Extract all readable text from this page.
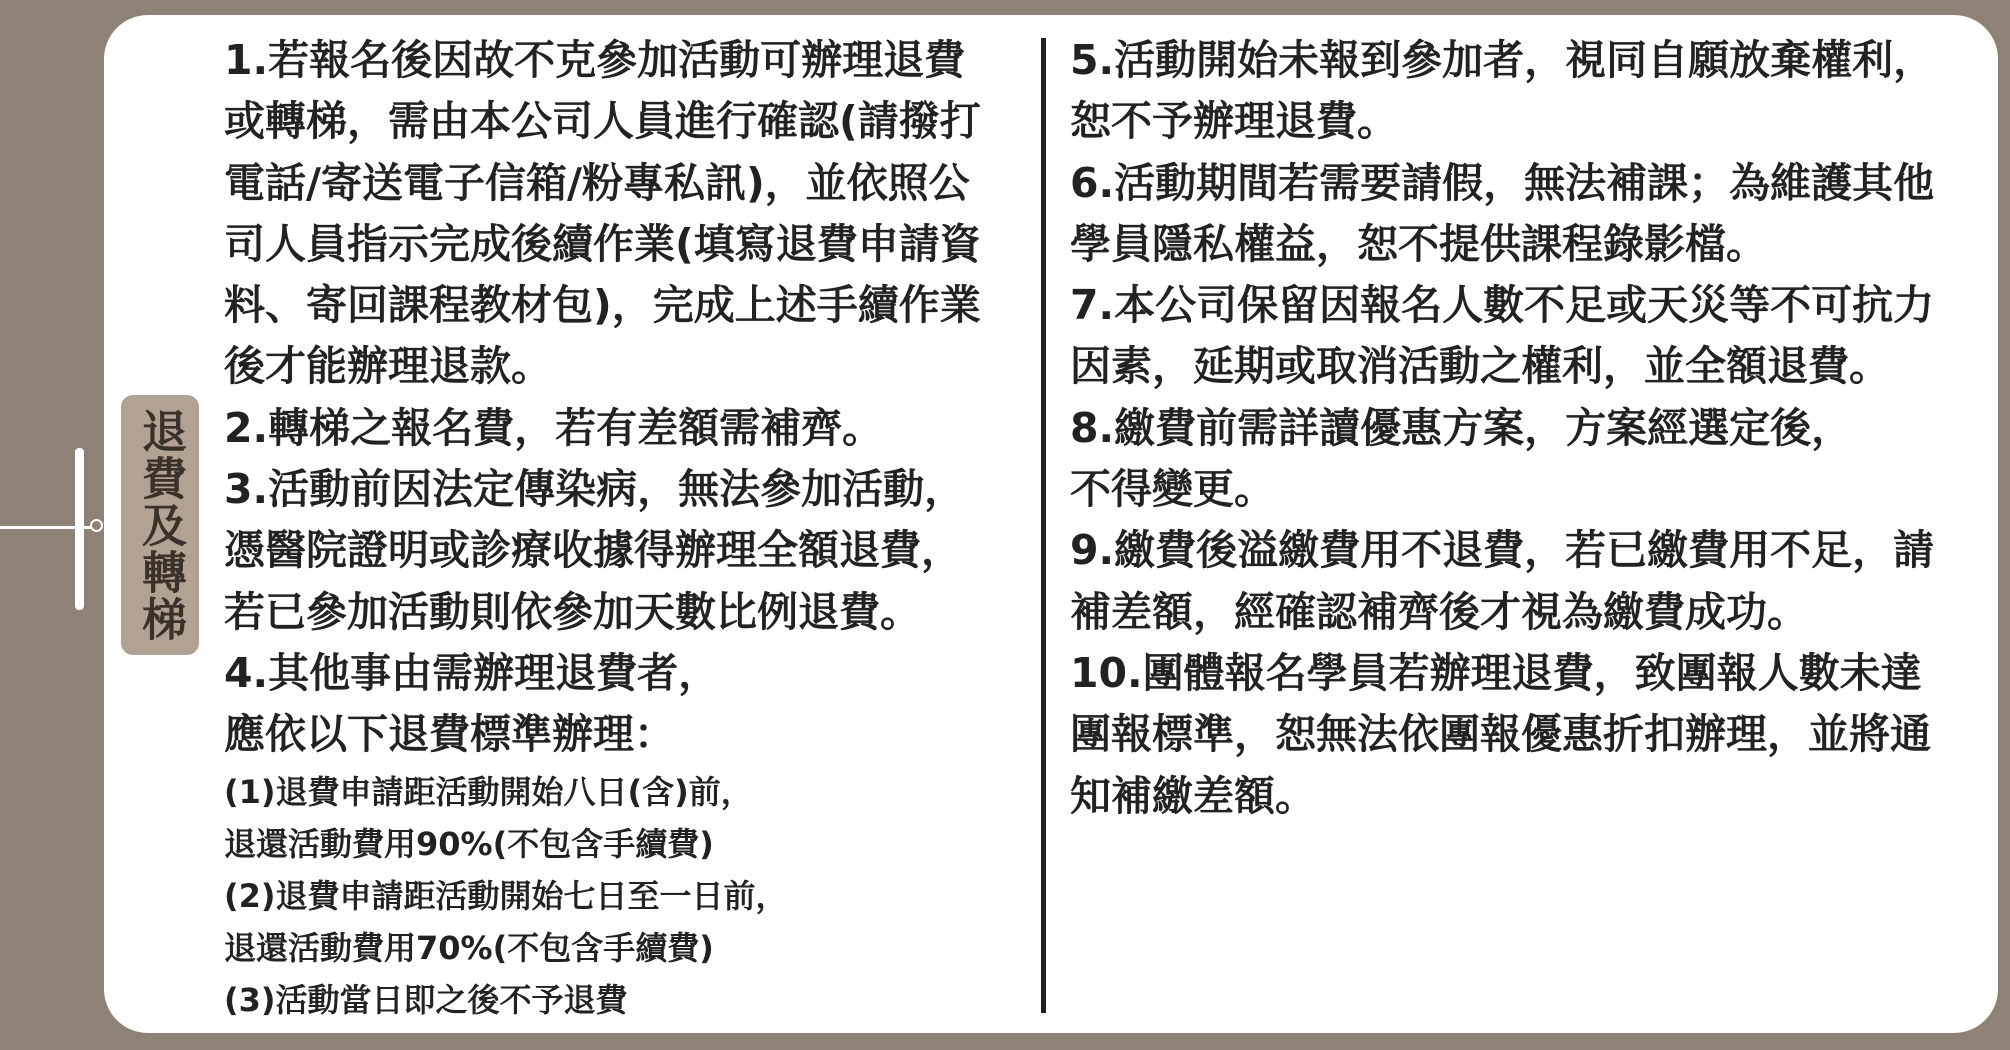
退費及轉梯

1.若報名後因故不克參加活動可辦理退費
或轉梯，需由本公司人員進行確認(請撥打
電話/寄送電子信箱/粉專私訊)，並依照公
司人員指示完成後續作業(填寫退費申請資
料、寄回課程教材包)，完成上述手續作業
後才能辦理退款。

2.轉梯之報名費，若有差額需補齊。

3.活動前因法定傳染病，無法參加活動，
憑醫院證明或診療收據得辦理全額退費，
若已參加活動則依參加天數比例退費。

4.其他事由需辦理退費者，
應依以下退費標準辦理：

(1)退費申請距活動開始八日(含)前，
退還活動費用90%(不包含手續費)

(2)退費申請距活動開始七日至一日前，
退還活動費用70%(不包含手續費)

(3)活動當日即之後不予退費

5.活動開始未報到參加者，視同自願放棄權利，
恕不予辦理退費。

6.活動期間若需要請假，無法補課；為維護其他
學員隱私權益，恕不提供課程錄影檔。

7.本公司保留因報名人數不足或天災等不可抗力
因素，延期或取消活動之權利，並全額退費。

8.繳費前需詳讀優惠方案，方案經選定後，
不得變更。

9.繳費後溢繳費用不退費，若已繳費用不足，請
補差額，經確認補齊後才視為繳費成功。

10.團體報名學員若辦理退費，致團報人數未達
團報標準，恕無法依團報優惠折扣辦理，並將通
知補繳差額。
